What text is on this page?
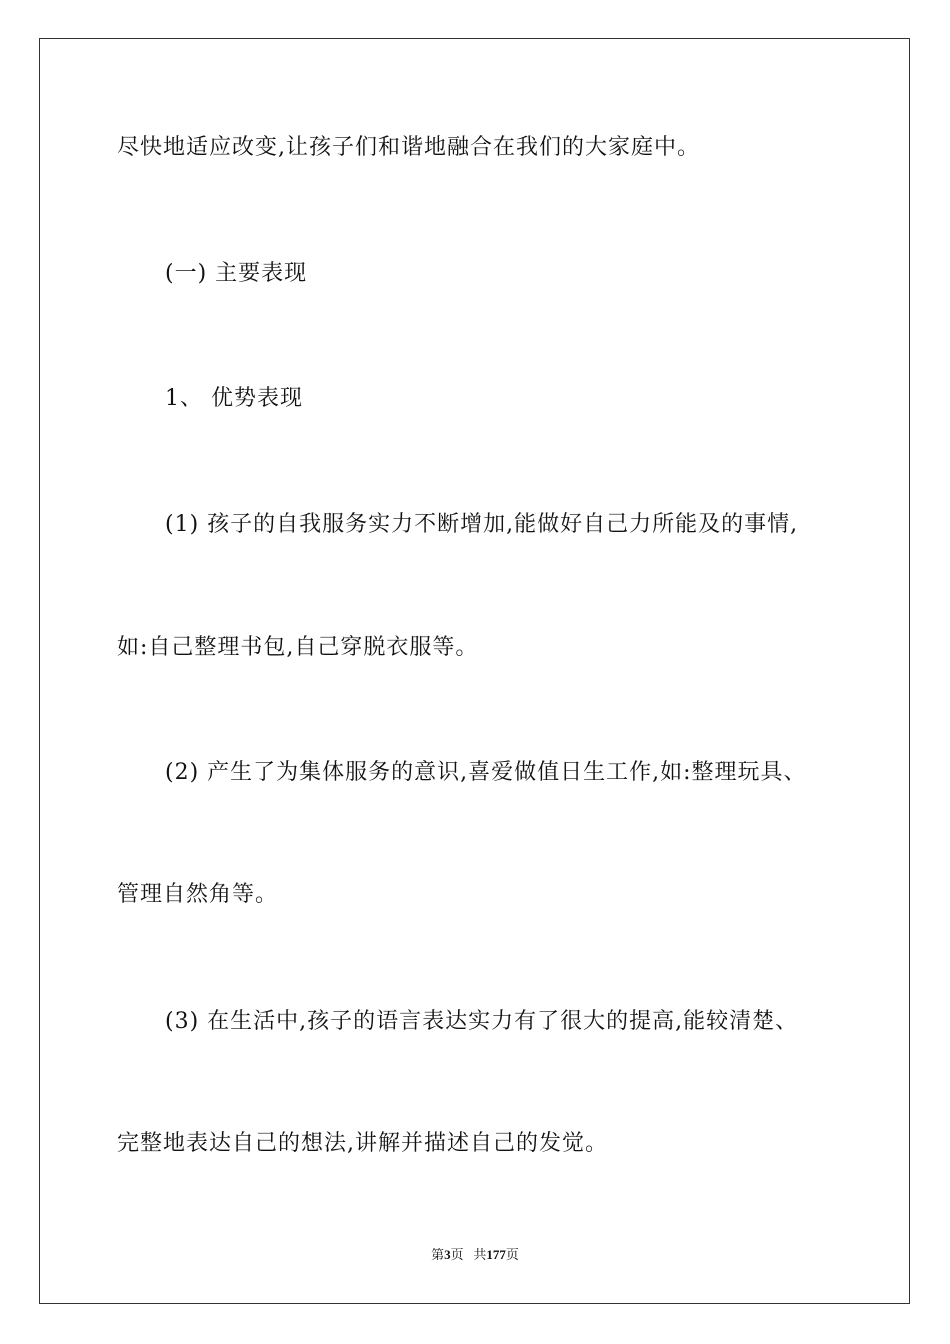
尽快地适应改变,让孩子们和谐地融合在我们的大家庭中。
(一) 主要表现
1、 优势表现
(1) 孩子的自我服务实力不断增加,能做好自己力所能及的事情,
如:自己整理书包,自己穿脱衣服等。
(2) 产生了为集体服务的意识,喜爱做值日生工作,如:整理玩具、
管理自然角等。
(3) 在生活中,孩子的语言表达实力有了很大的提高,能较清楚、
完整地表达自己的想法,讲解并描述自己的发觉。
第3页 共177页
